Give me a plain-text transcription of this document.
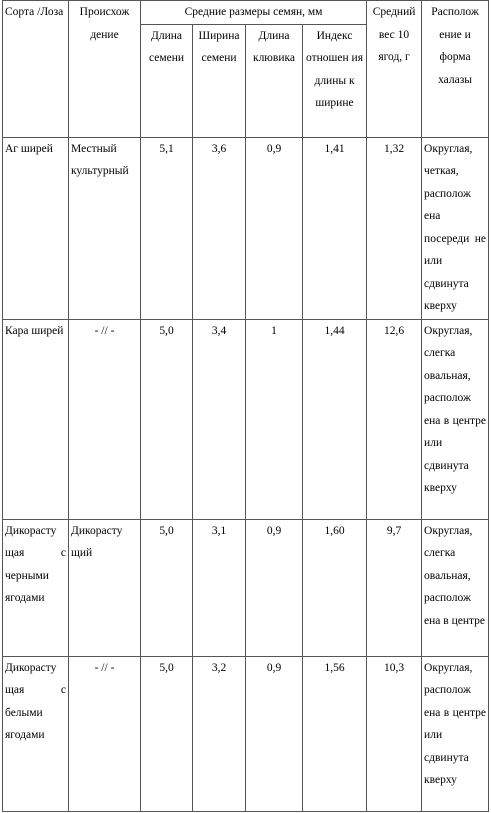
Сорта /Лоза	Происхож дение	Средние размеры семян, мм				Средний вес 10 ягод, г	Располож ение и форма халазы
		Длина семени	Ширина семени	Длина клювика	Индекс отношен ия длины к ширине		
Аг ширей	Местный культурный	5,1	3,6	0,9	1,41	1,32	Округлая, четкая, располож ена посереди не или сдвинута кверху
Кара ширей	- // -	5,0	3,4	1	1,44	12,6	Округлая, слегка овальная, располож ена в центре или сдвинута кверху
Дикорасту щая с черными ягодами	Дикорасту щий	5,0	3,1	0,9	1,60	9,7	Округлая, слегка овальная, располож ена в центре
Дикорасту щая с белыми ягодами	- // -	5,0	3,2	0,9	1,56	10,3	Округлая, располож ена в центре или сдвинута кверху
